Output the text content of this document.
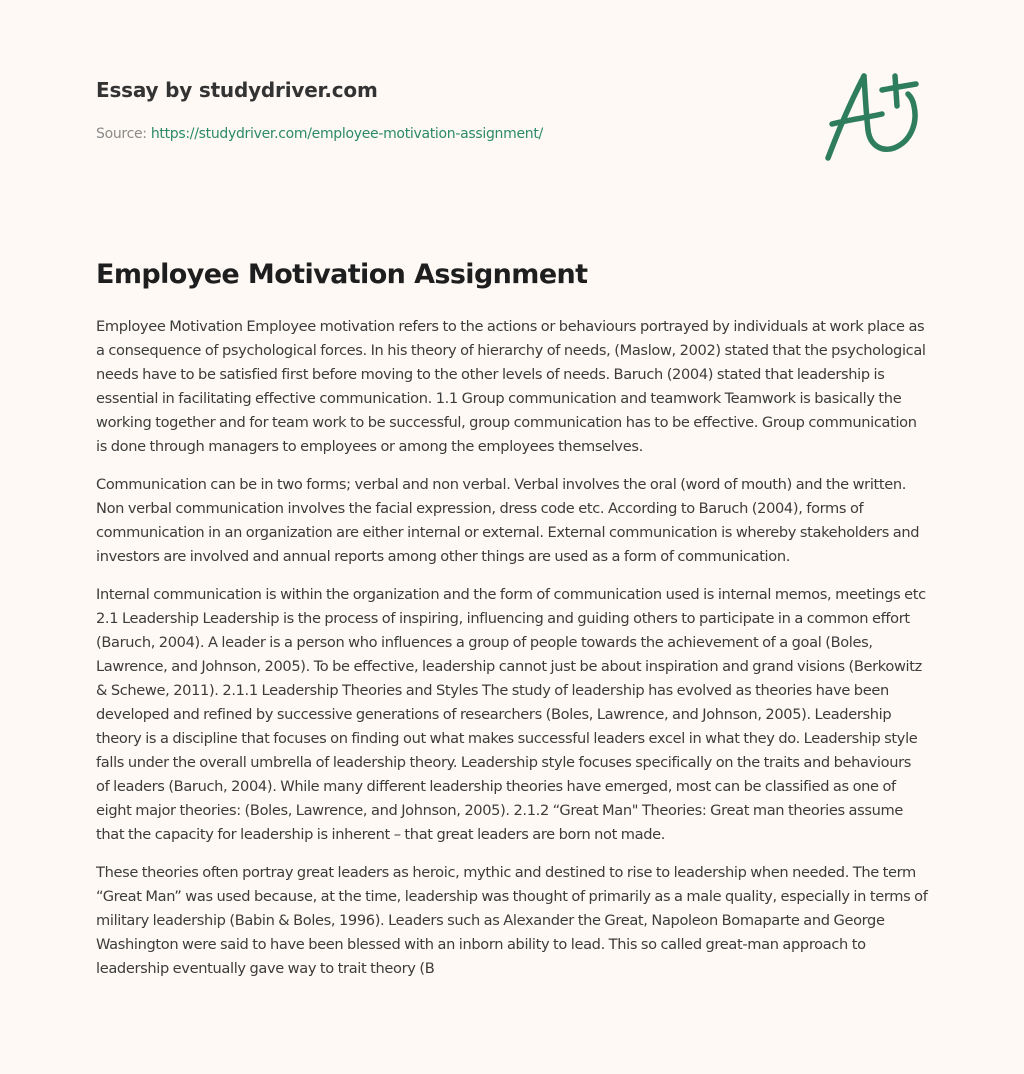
Essay by studydriver.com
Source: https://studydriver.com/employee-motivation-assignment/
Employee Motivation Assignment

Employee Motivation Employee motivation refers to the actions or behaviours portrayed by individuals at work place as a consequence of psychological forces. In his theory of hierarchy of needs, (Maslow, 2002) stated that the psychological needs have to be satisfied first before moving to the other levels of needs. Baruch (2004) stated that leadership is essential in facilitating effective communication. 1.1 Group communication and teamwork Teamwork is basically the working together and for team work to be successful, group communication has to be effective. Group communication is done through managers to employees or among the employees themselves.

Communication can be in two forms; verbal and non verbal. Verbal involves the oral (word of mouth) and the written. Non verbal communication involves the facial expression, dress code etc. According to Baruch (2004), forms of communication in an organization are either internal or external. External communication is whereby stakeholders and investors are involved and annual reports among other things are used as a form of communication.

Internal communication is within the organization and the form of communication used is internal memos, meetings etc 2.1 Leadership Leadership is the process of inspiring, influencing and guiding others to participate in a common effort (Baruch, 2004). A leader is a person who influences a group of people towards the achievement of a goal (Boles, Lawrence, and Johnson, 2005). To be effective, leadership cannot just be about inspiration and grand visions (Berkowitz & Schewe, 2011). 2.1.1 Leadership Theories and Styles The study of leadership has evolved as theories have been developed and refined by successive generations of researchers (Boles, Lawrence, and Johnson, 2005). Leadership theory is a discipline that focuses on finding out what makes successful leaders excel in what they do. Leadership style falls under the overall umbrella of leadership theory. Leadership style focuses specifically on the traits and behaviours of leaders (Baruch, 2004). While many different leadership theories have emerged, most can be classified as one of eight major theories: (Boles, Lawrence, and Johnson, 2005). 2.1.2 “Great Man" Theories: Great man theories assume that the capacity for leadership is inherent – that great leaders are born not made.

These theories often portray great leaders as heroic, mythic and destined to rise to leadership when needed. The term “Great Man” was used because, at the time, leadership was thought of primarily as a male quality, especially in terms of military leadership (Babin & Boles, 1996). Leaders such as Alexander the Great, Napoleon Bomaparte and George Washington were said to have been blessed with an inborn ability to lead. This so called great-man approach to leadership eventually gave way to trait theory (B
